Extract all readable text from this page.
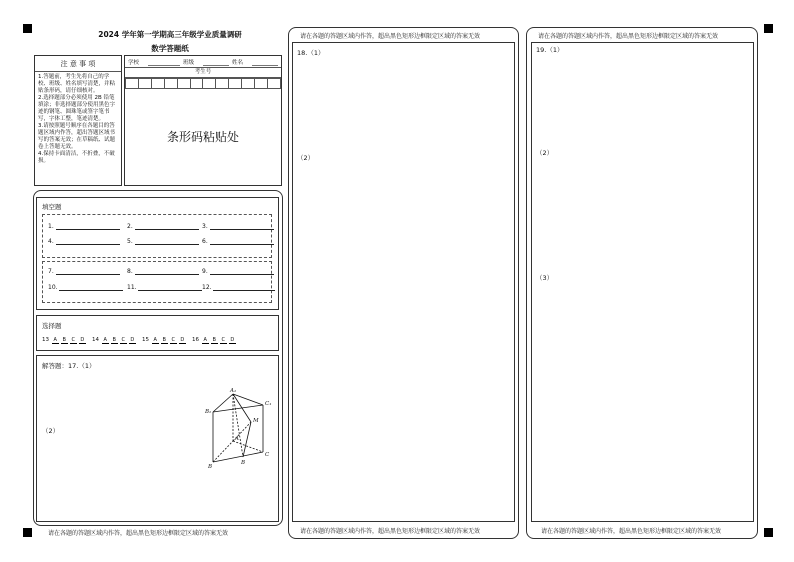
2024 学年第一学期高三年级学业质量调研
数学答题纸
注 意 事 项
1.答题前，考生先将自己的学校、班级、姓名填写清楚，并粘贴条形码，请仔细核对。
2.选择题部分必须使用 2B 铅笔填涂；非选择题部分使用黑色字迹的钢笔、圆珠笔或签字笔书写，字体工整，笔迹清楚。
3.请按照题号顺序在各题目的答题区域内作答，超出答题区域书写的答案无效；在草稿纸、试题卷上答题无效。
4.保持卡面清洁，不折叠，不破损。
学校	班级	姓名
考生号

条形码粘贴处
填空题
1.	2.	3.
4.	5.	6.
7.	8.	9.
10.	11.	12.
选择题
13 A B C D 14 A B C D 15 A B C D 16 A B C D
解答题：17.（1）
（2）
A₁
B₁
C₁
M
A
B
C
B
请在各题的答题区域内作答，超出黑色矩形边框限定区域的答案无效
请在各题的答题区域内作答，超出黑色矩形边框限定区域的答案无效
18.（1）
（2）
请在各题的答题区域内作答，超出黑色矩形边框限定区域的答案无效
请在各题的答题区域内作答，超出黑色矩形边框限定区域的答案无效
19.（1）
（2）
（3）
请在各题的答题区域内作答，超出黑色矩形边框限定区域的答案无效
